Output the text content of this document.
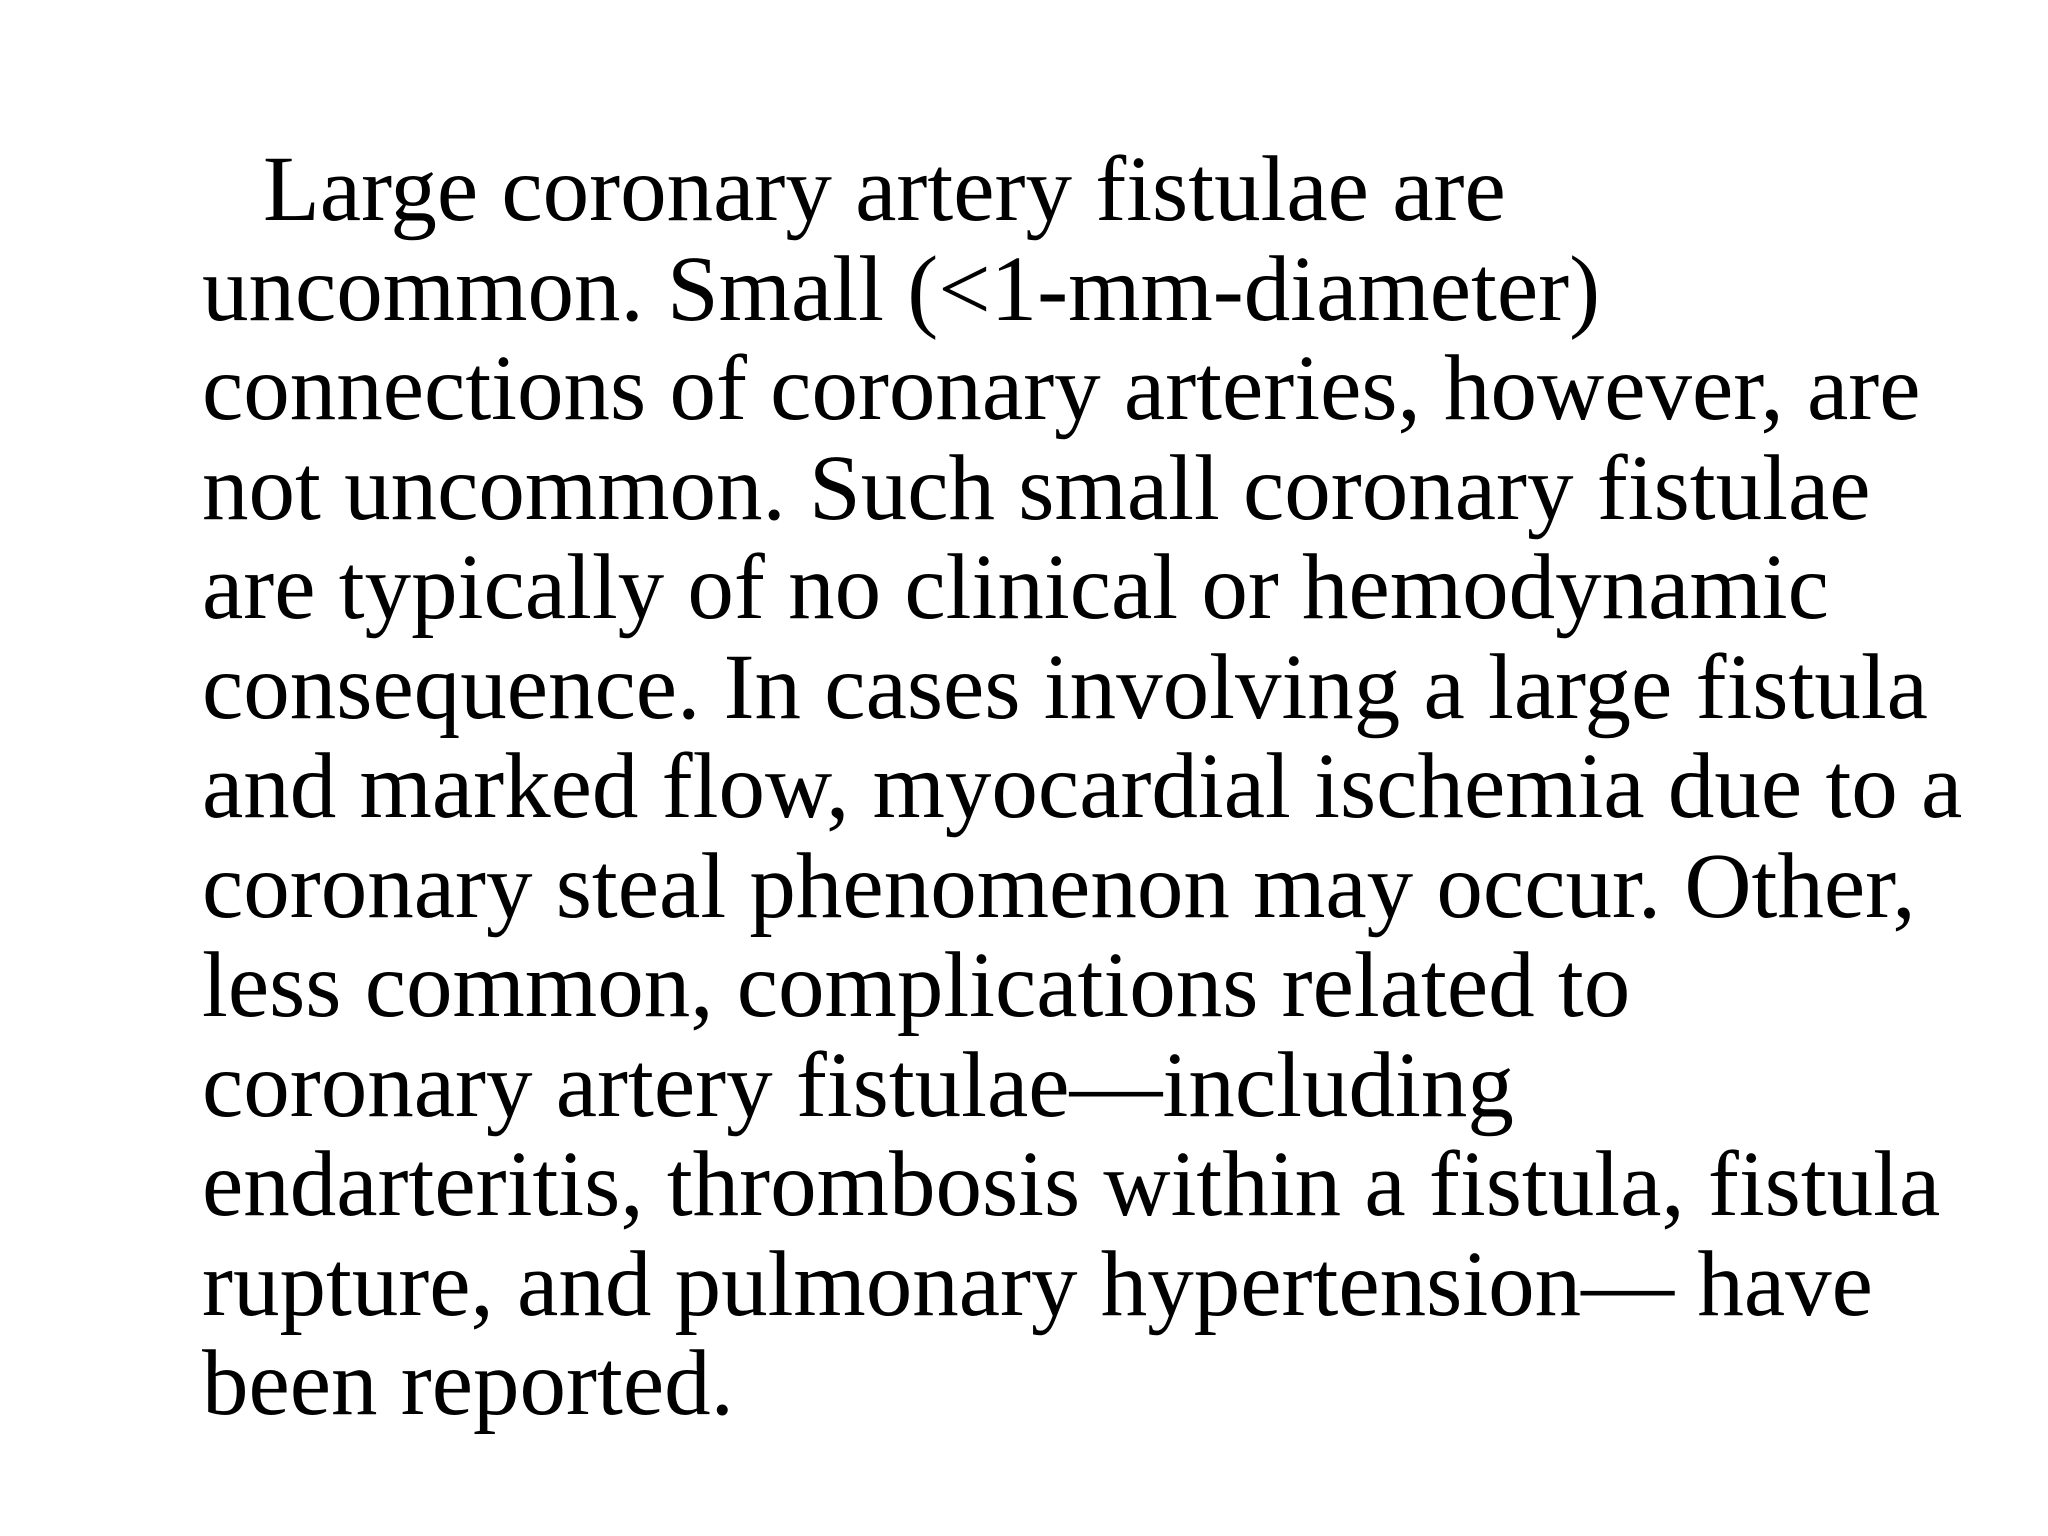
Large coronary artery fistulae are
uncommon. Small (<1-mm-diameter)
connections of coronary arteries, however, are
not uncommon. Such small coronary fistulae
are typically of no clinical or hemodynamic
consequence. In cases involving a large fistula
and marked flow, myocardial ischemia due to a
coronary steal phenomenon may occur. Other,
less common, complications related to
coronary artery fistulae—including
endarteritis, thrombosis within a fistula, fistula
rupture, and pulmonary hypertension— have
been reported.
